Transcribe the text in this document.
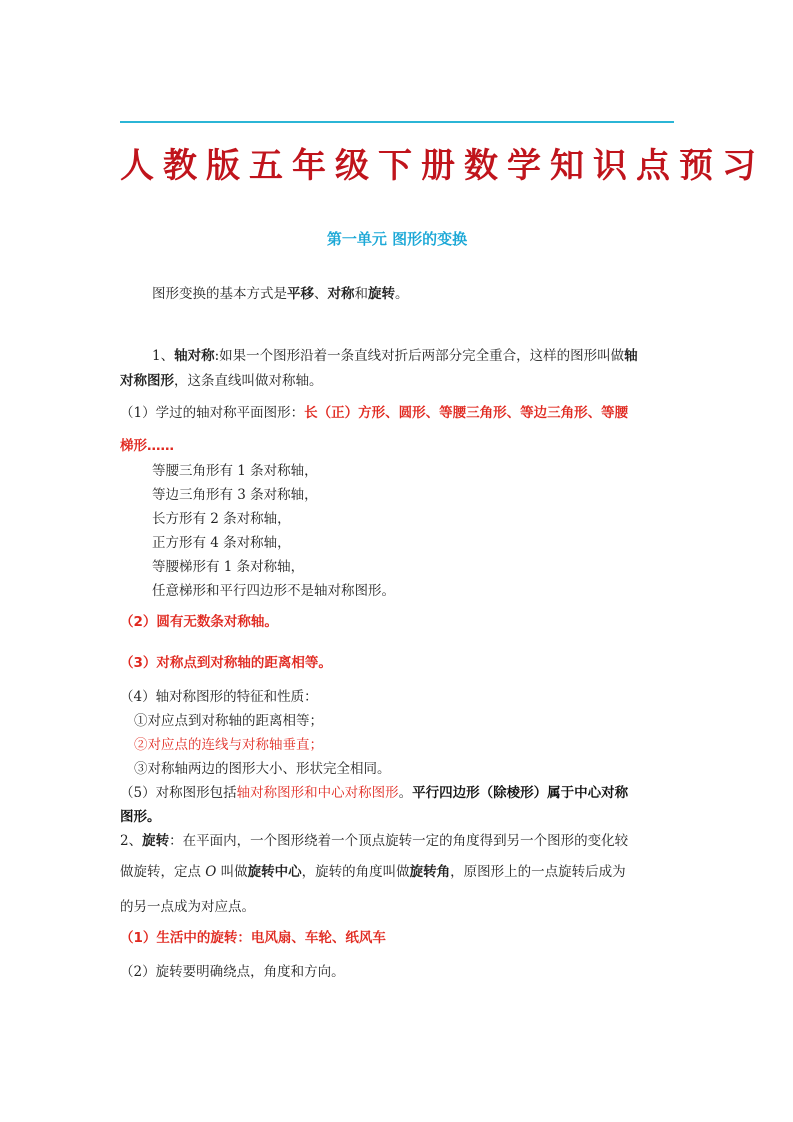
人教版五年级下册数学知识点预习
第一单元 图形的变换
图形变换的基本方式是平移、对称和旋转。
1、轴对称:如果一个图形沿着一条直线对折后两部分完全重合，这样的图形叫做轴
对称图形，这条直线叫做对称轴。
（1）学过的轴对称平面图形：长（正）方形、圆形、等腰三角形、等边三角形、等腰
梯形……
等腰三角形有 1 条对称轴，
等边三角形有 3 条对称轴，
长方形有 2 条对称轴，
正方形有 4 条对称轴，
等腰梯形有 1 条对称轴，
任意梯形和平行四边形不是轴对称图形。
（2）圆有无数条对称轴。
（3）对称点到对称轴的距离相等。
（4）轴对称图形的特征和性质：
①对应点到对称轴的距离相等；
②对应点的连线与对称轴垂直；
③对称轴两边的图形大小、形状完全相同。
（5）对称图形包括轴对称图形和中心对称图形。平行四边形（除棱形）属于中心对称
图形。
2、旋转：在平面内，一个图形绕着一个顶点旋转一定的角度得到另一个图形的变化较
做旋转，定点 O 叫做旋转中心，旋转的角度叫做旋转角，原图形上的一点旋转后成为
的另一点成为对应点。
（1）生活中的旋转：电风扇、车轮、纸风车
（2）旋转要明确绕点，角度和方向。
